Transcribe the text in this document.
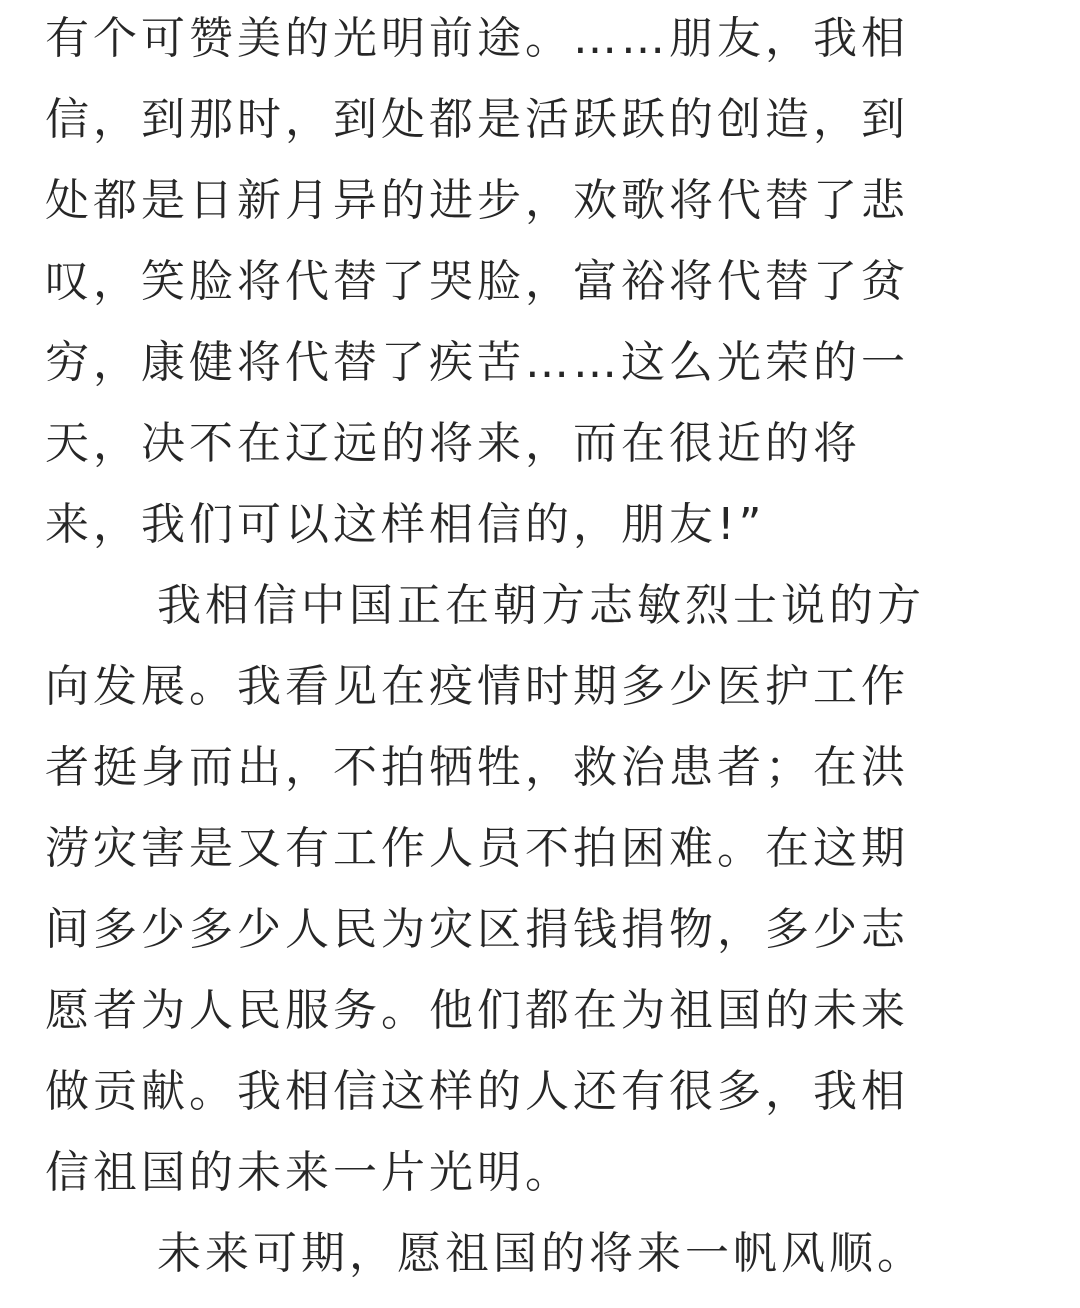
有个可赞美的光明前途。……朋友，我相
信，到那时，到处都是活跃跃的创造，到
处都是日新月异的进步，欢歌将代替了悲
叹，笑脸将代替了哭脸，富裕将代替了贫
穷，康健将代替了疾苦……这么光荣的一
天，决不在辽远的将来，而在很近的将
来，我们可以这样相信的，朋友!”
我相信中国正在朝方志敏烈士说的方
向发展。我看见在疫情时期多少医护工作
者挺身而出，不拍牺牲，救治患者；在洪
涝灾害是又有工作人员不拍困难。在这期
间多少多少人民为灾区捐钱捐物，多少志
愿者为人民服务。他们都在为祖国的未来
做贡献。我相信这样的人还有很多，我相
信祖国的未来一片光明。
未来可期，愿祖国的将来一帆风顺。
